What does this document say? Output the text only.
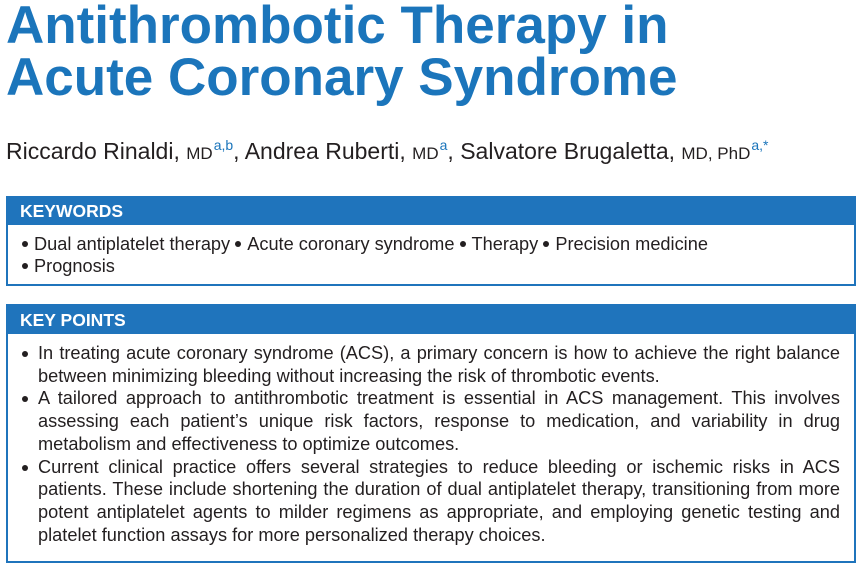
Antithrombotic Therapy in
Acute Coronary Syndrome
Riccardo Rinaldi, MD$^{a,b}$, Andrea Ruberti, MD$^a$, Salvatore Brugaletta, MD, PhD$^{a,*}$
KEYWORDS
Dual antiplatelet therapy Acute coronary syndrome Therapy Precision medicine Prognosis
KEY POINTS
In treating acute coronary syndrome (ACS), a primary concern is how to achieve the right balance between minimizing bleeding without increasing the risk of thrombotic events.
A tailored approach to antithrombotic treatment is essential in ACS management. This involves assessing each patient’s unique risk factors, response to medication, and variability in drug metabolism and effectiveness to optimize outcomes.
Current clinical practice offers several strategies to reduce bleeding or ischemic risks in ACS patients. These include shortening the duration of dual antiplatelet therapy, transitioning from more potent antiplatelet agents to milder regimens as appropriate, and employing genetic testing and platelet function assays for more personalized therapy choices.
